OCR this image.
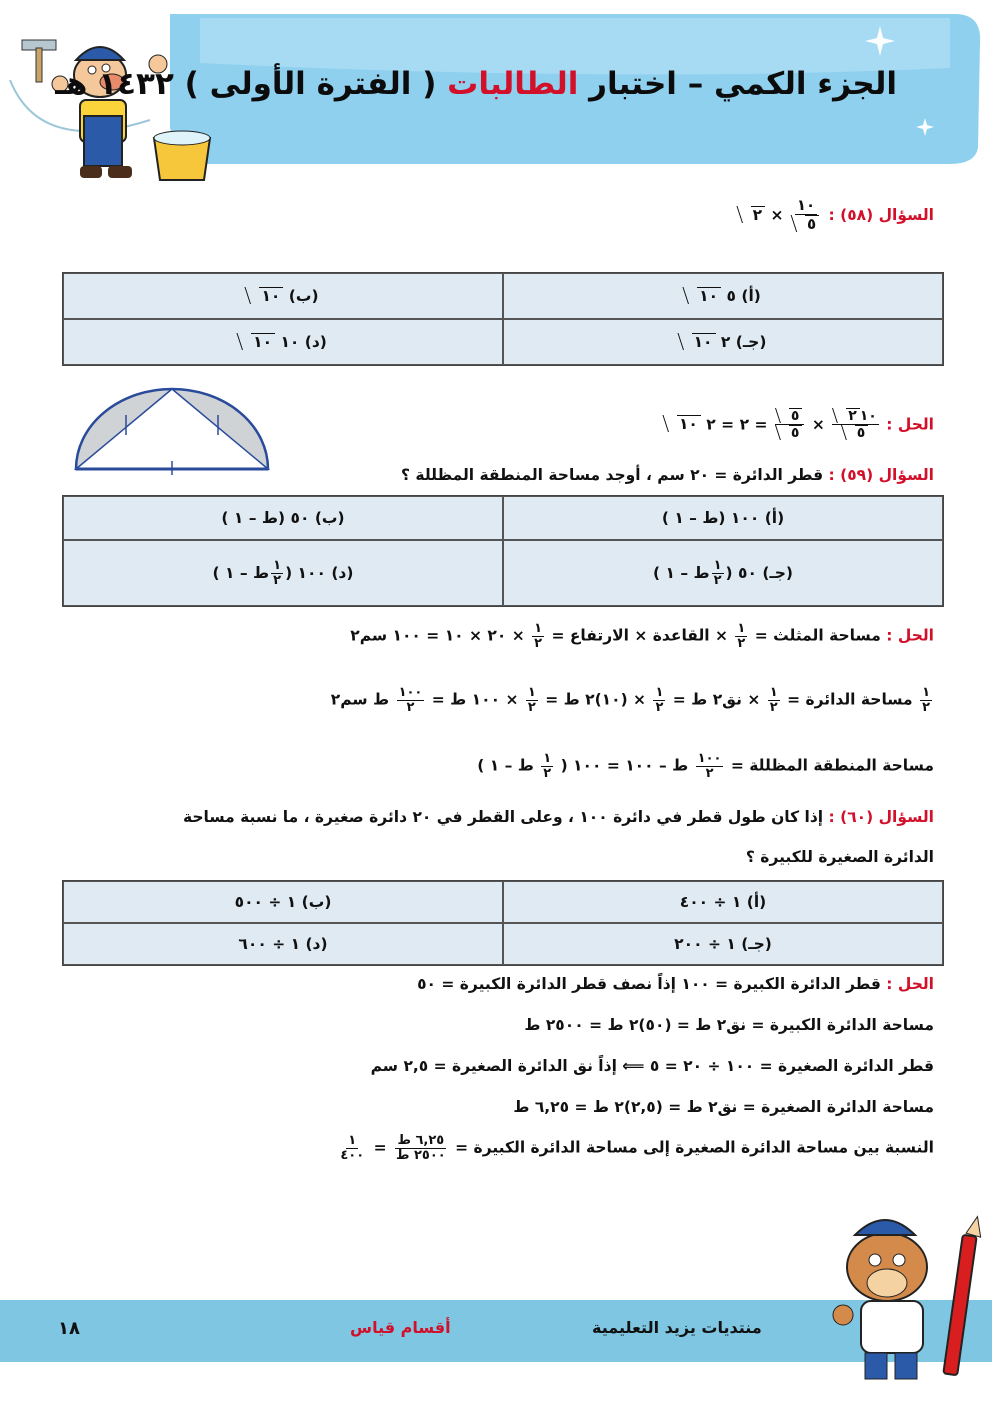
الجزء الكمي – اختبار الطالبات ( الفترة الأولى ) ١٤٣٢ هـ
السؤال (٥٨) :
$\frac{١٠}{٥}$
× ٢
(أ)

٥

١٠
(ب)

١٠
(جـ)

٢

١٠
(د)

١٠

١٠
الحل :
$\frac{١٠٢}{٥}$
×
$\frac{٥}{٥}$
= ٢ = ٢ ١٠
السؤال (٥٩) : قطر الدائرة = ٢٠ سم ، أوجد مساحة المنطقة المظللة ؟
(أ)

١٠٠ (ط – ١ )
(ب)

٥٠ (ط – ١ )
(جـ)

٥٠ (
$\frac{١}{٢}$
ط – ١ )
(د)

١٠٠ (
$\frac{١}{٢}$
ط – ١ )
الحل : مساحة المثلث =
$\frac{١}{٢}$
× القاعدة × الارتفاع =
$\frac{١}{٢}$
× ٢٠ × ١٠ = ١٠٠ سم٢
$\frac{١}{٢}$
مساحة الدائرة =
$\frac{١}{٢}$
× نق٢ ط =
$\frac{١}{٢}$
× (١٠)٢ ط =
$\frac{١}{٢}$
× ١٠٠ ط =
$\frac{١٠٠}{٢}$
ط سم٢
مساحة المنطقة المظللة =
$\frac{١٠٠}{٢}$
ط – ١٠٠ = ١٠٠ (
$\frac{١}{٢}$
ط – ١ )
السؤال (٦٠) : إذا كان طول قطر في دائرة ١٠٠ ، وعلى القطر في ٢٠ دائرة صغيرة ، ما نسبة مساحة
الدائرة الصغيرة للكبيرة ؟
(أ)

١ ÷ ٤٠٠
(ب)

١ ÷ ٥٠٠
(جـ)

١ ÷ ٢٠٠
(د)

١ ÷ ٦٠٠
الحل : قطر الدائرة الكبيرة = ١٠٠ إذاً نصف قطر الدائرة الكبيرة = ٥٠
مساحة الدائرة الكبيرة = نق٢ ط = (٥٠)٢ ط = ٢٥٠٠ ط
قطر الدائرة الصغيرة = ١٠٠ ÷ ٢٠ = ٥ ⟸ إذاً نق الدائرة الصغيرة = ٢,٥ سم
مساحة الدائرة الصغيرة = نق٢ ط = (٢,٥)٢ ط = ٦,٢٥ ط
النسبة بين مساحة الدائرة الصغيرة إلى مساحة الدائرة الكبيرة =
$\frac{\text{٦,٢٥ ط}}{\text{٢٥٠٠ ط}}$
=
$\frac{١}{٤٠٠}$
١٨	أقسام قياس	منتديات يزيد التعليمية
